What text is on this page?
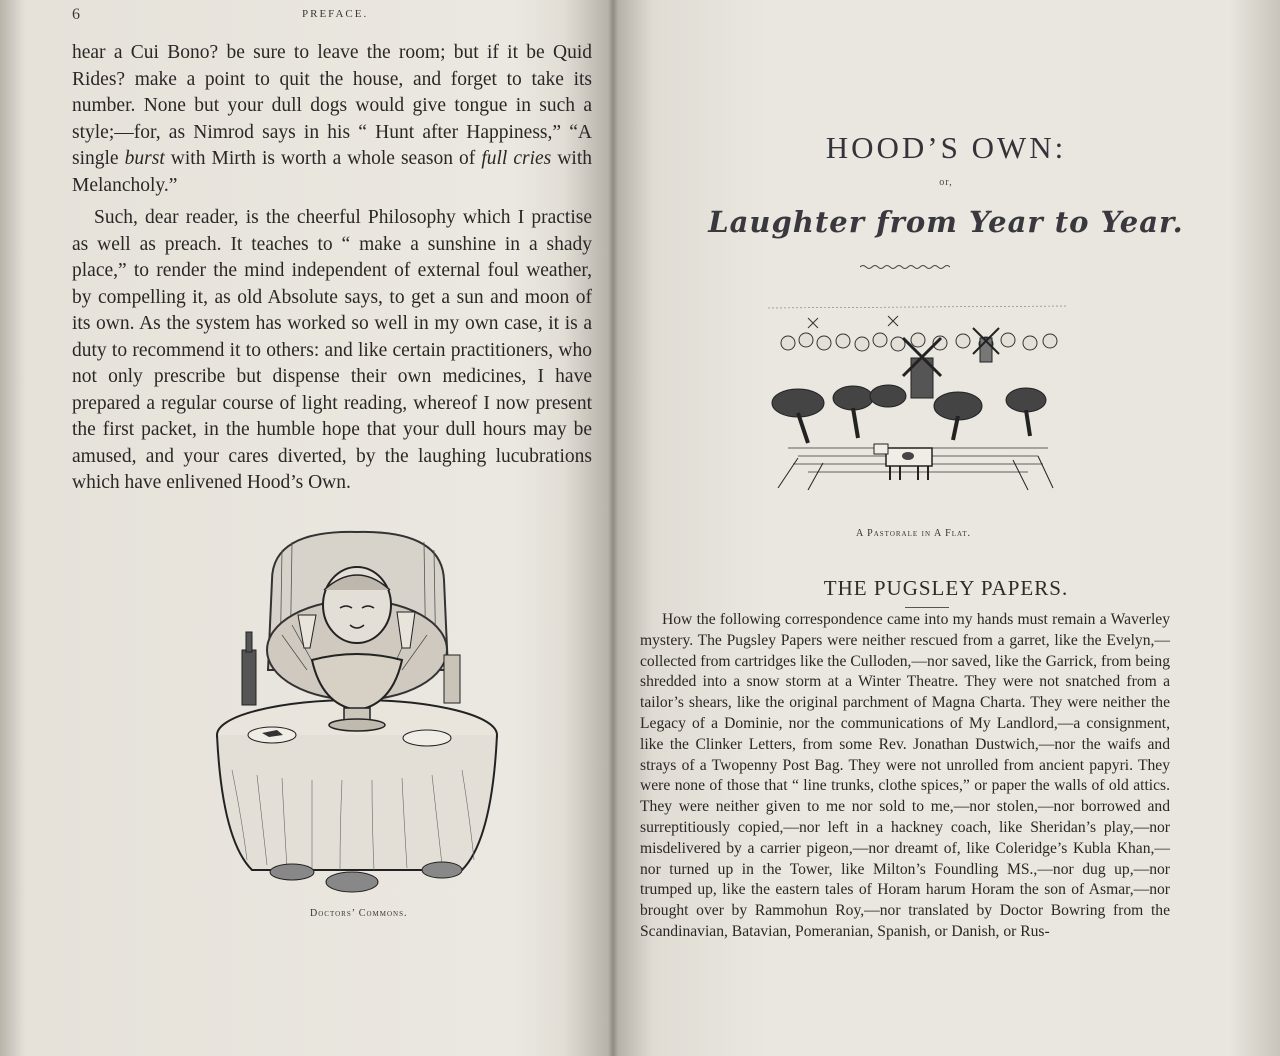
6	PREFACE.

hear a Cui Bono? be sure to leave the room; but if it be Quid Rides? make a point to quit the house, and forget to take its number. None but your dull dogs would give tongue in such a style;—for, as Nimrod says in his “ Hunt after Happiness,” “A single burst with Mirth is worth a whole season of full cries with Melancholy.”

Such, dear reader, is the cheerful Philosophy which I practise as well as preach. It teaches to “ make a sunshine in a shady place,” to render the mind independent of external foul weather, by compelling it, as old Absolute says, to get a sun and moon of its own. As the system has worked so well in my own case, it is a duty to recommend it to others: and like certain practitioners, who not only prescribe but dispense their own medicines, I have prepared a regular course of light reading, whereof I now present the first packet, in the humble hope that your dull hours may be amused, and your cares diverted, by the laughing lucubrations which have enlivened Hood’s Own.

Doctors’ Commons.
HOOD’S OWN:
or,
Laughter from Year to Year.
A Pastorale in A Flat.
THE PUGSLEY PAPERS.

How the following correspondence came into my hands must remain a Waverley mystery. The Pugsley Papers were neither rescued from a garret, like the Evelyn,—collected from cartridges like the Culloden,—nor saved, like the Garrick, from being shredded into a snow storm at a Winter Theatre. They were not snatched from a tailor’s shears, like the original parchment of Magna Charta. They were neither the Legacy of a Dominie, nor the communications of My Landlord,—a consignment, like the Clinker Letters, from some Rev. Jonathan Dustwich,—nor the waifs and strays of a Twopenny Post Bag. They were not unrolled from ancient papyri. They were none of those that “ line trunks, clothe spices,” or paper the walls of old attics. They were neither given to me nor sold to me,—nor stolen,—nor borrowed and surreptitiously copied,—nor left in a hackney coach, like Sheridan’s play,—nor misdelivered by a carrier pigeon,—nor dreamt of, like Coleridge’s Kubla Khan,—nor turned up in the Tower, like Milton’s Foundling MS.,—nor dug up,—nor trumped up, like the eastern tales of Horam harum Horam the son of Asmar,—nor brought over by Rammohun Roy,—nor translated by Doctor Bowring from the Scandinavian, Batavian, Pomeranian, Spanish, or Danish, or Rus-
